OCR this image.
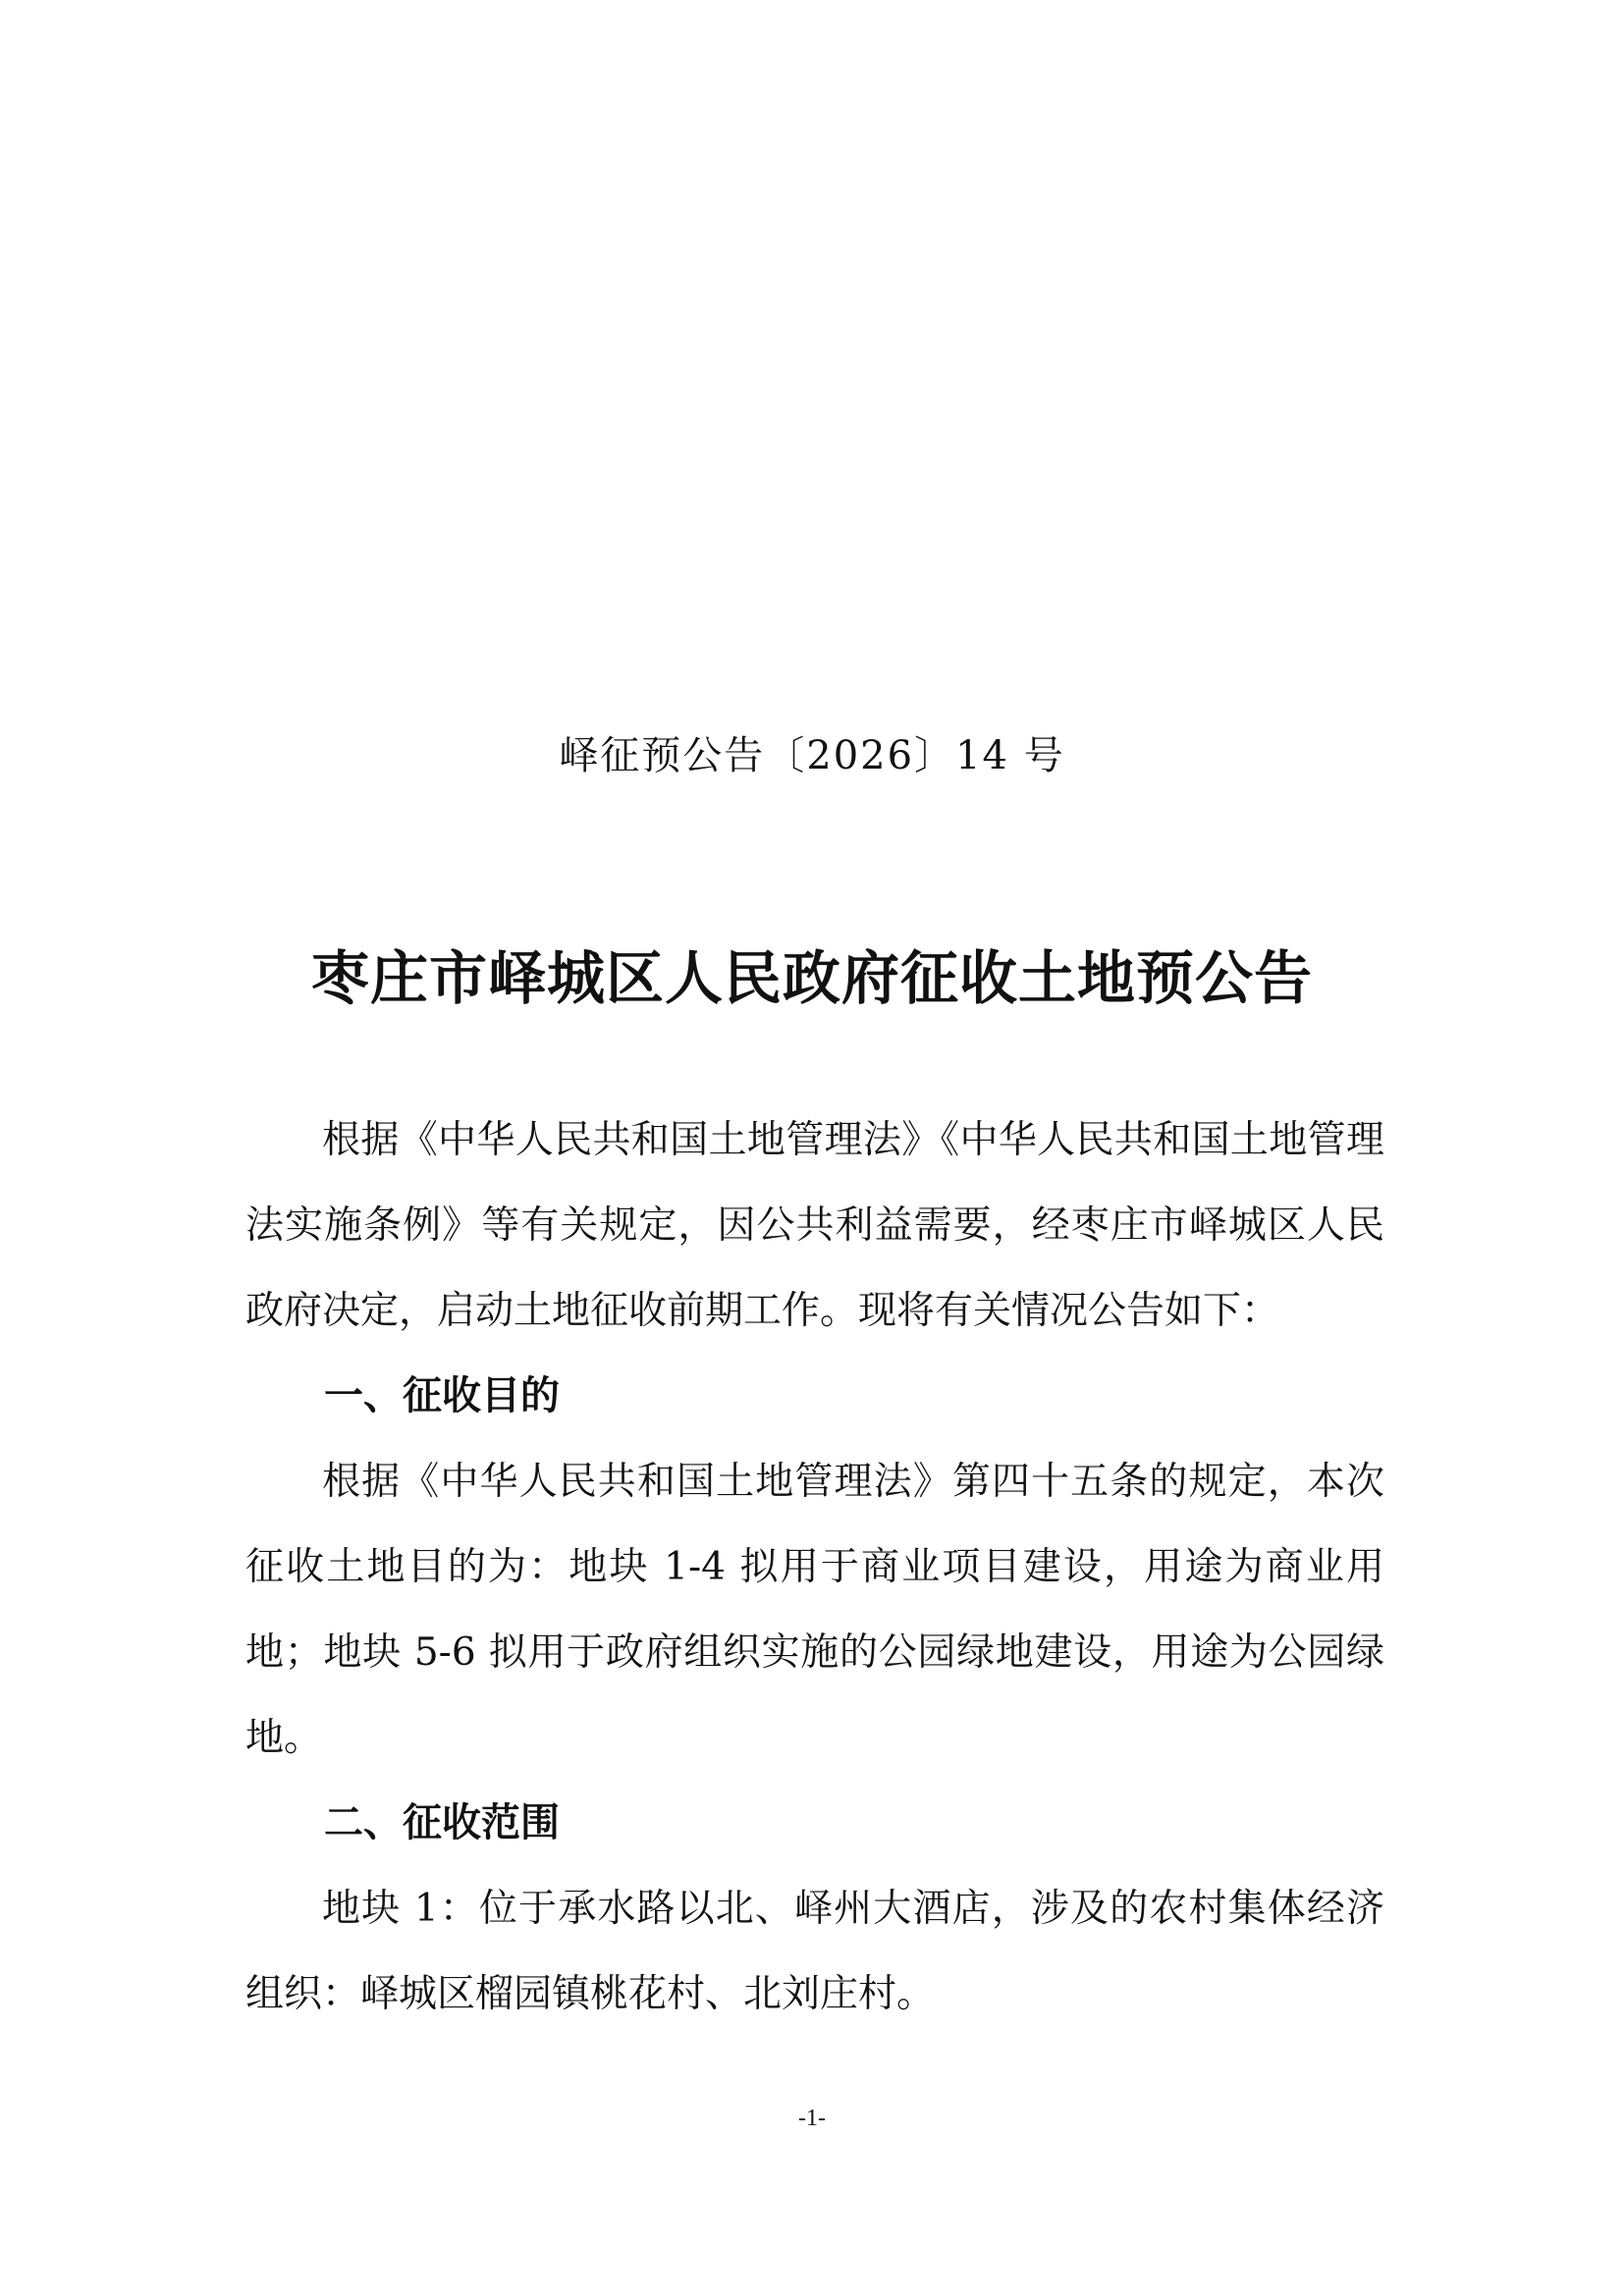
峄征预公告〔2026〕14 号
枣庄市峄城区人民政府征收土地预公告

根据《中华人民共和国土地管理法》《中华人民共和国土地管理法实施条例》等有关规定，因公共利益需要，经枣庄市峄城区人民政府决定，启动土地征收前期工作。现将有关情况公告如下：

一、征收目的

根据《中华人民共和国土地管理法》第四十五条的规定，本次征收土地目的为：地块 1-4 拟用于商业项目建设，用途为商业用地；地块 5-6 拟用于政府组织实施的公园绿地建设，用途为公园绿地。

二、征收范围

地块 1：位于承水路以北、峄州大酒店，涉及的农村集体经济组织：峄城区榴园镇桃花村、北刘庄村。

-1-
